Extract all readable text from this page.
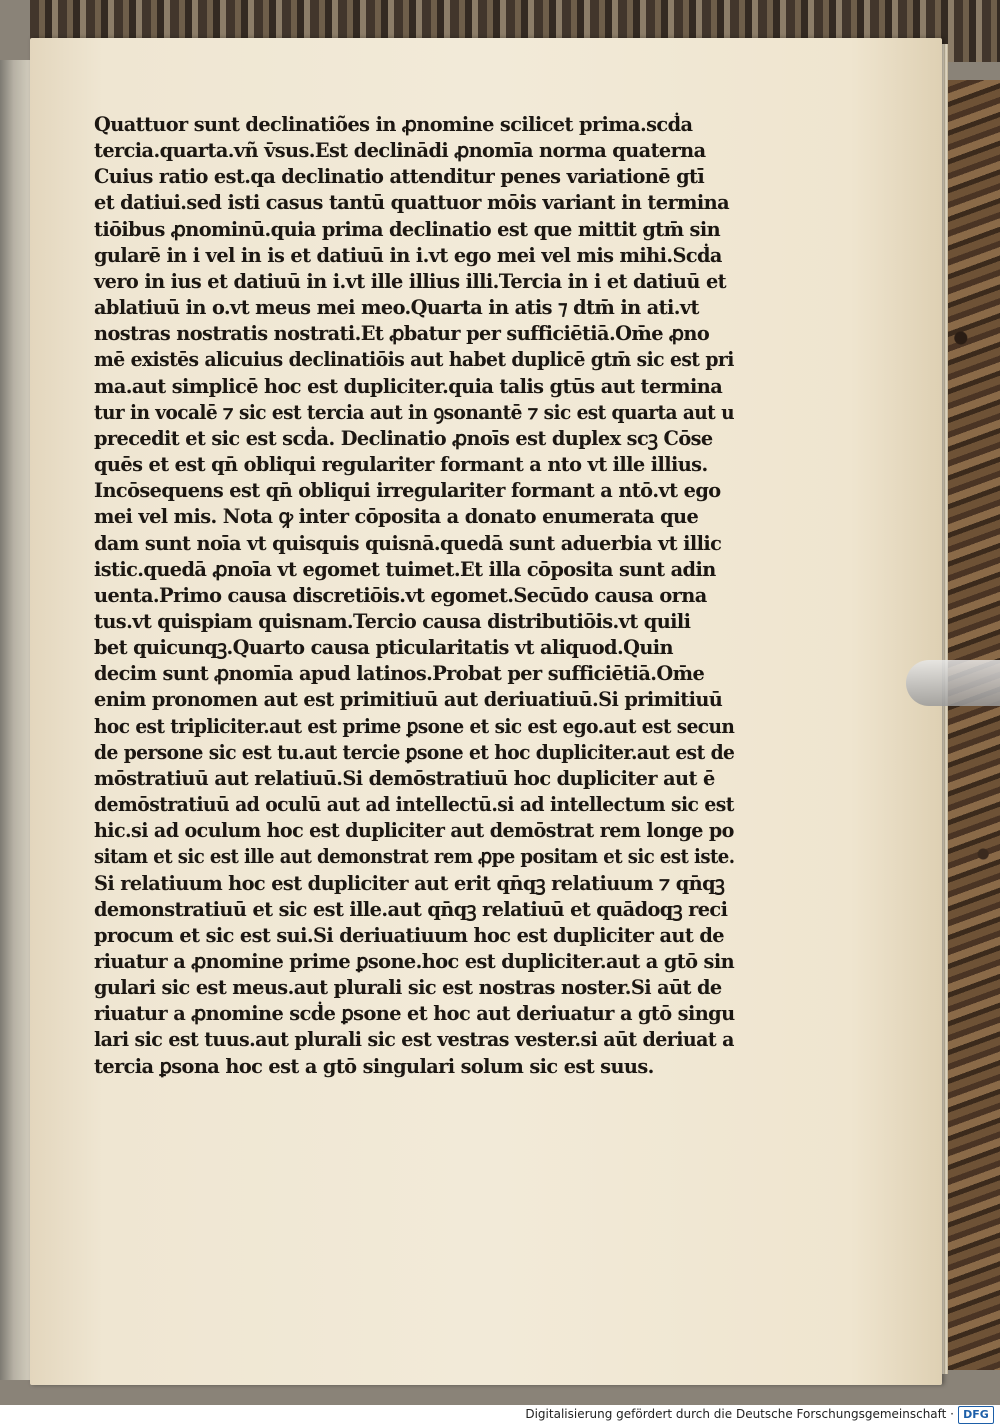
Quattuor sunt declinatiões in ꝓnomine scilicet prima.scḋa
tercia.quarta.vñ v̄sus.Est declinādi ꝓnomīa norma quaterna
Cuius ratio est.qa declinatio attenditur penes variationē gtī
et datiui.sed isti casus tantū quattuor mōis variant in termina
tiōibus ꝓnominū.quia prima declinatio est que mittit gtm̄ sin
gularē in i vel in is et datiuū in i.vt ego mei vel mis mihi.Scḋa
vero in ius et datiuū in i.vt ille illius illi.Tercia in i et datiuū et
ablatiuū in o.vt meus mei meo.Quarta in atis ⁊ dtm̄ in ati.vt
nostras nostratis nostrati.Et ꝓbatur per sufficiētiā.Om̄e ꝓno
mē existēs alicuius declinatiōis aut habet duplicē gtm̄ sic est pri
ma.aut simplicē hoc est dupliciter.quia talis gtūs aut termina
tur in vocalē ⁊ sic est tercia aut in ꝯsonantē ⁊ sic est quarta aut u
precedit et sic est scḋa. Declinatio ꝓnoīs est duplex scꝫ Cōse
quēs et est qn̄ obliqui regulariter formant a nto vt ille illius.
Incōsequens est qn̄ obliqui irregulariter formant a ntō.vt ego
mei vel mis. Nota ꝙ inter cōposita a donato enumerata que
dam sunt noīa vt quisquis quisnā.quedā sunt aduerbia vt illic
istic.quedā ꝓnoīa vt egomet tuimet.Et illa cōposita sunt adin
uenta.Primo causa discretiōis.vt egomet.Secūdo causa orna
tus.vt quispiam quisnam.Tercio causa distributiōis.vt quili
bet quicunqꝫ.Quarto causa pticularitatis vt aliquod.Quin
decim sunt ꝓnomīa apud latinos.Probat per sufficiētiā.Om̄e
enim pronomen aut est primitiuū aut deriuatiuū.Si primitiuū
hoc est tripliciter.aut est prime ꝑsone et sic est ego.aut est secun
de persone sic est tu.aut tercie ꝑsone et hoc dupliciter.aut est de
mōstratiuū aut relatiuū.Si demōstratiuū hoc dupliciter aut ē
demōstratiuū ad oculū aut ad intellectū.si ad intellectum sic est
hic.si ad oculum hoc est dupliciter aut demōstrat rem longe po
sitam et sic est ille aut demonstrat rem ꝓpe positam et sic est iste.
Si relatiuum hoc est dupliciter aut erit qn̄qꝫ relatiuum ⁊ qn̄qꝫ
demonstratiuū et sic est ille.aut qn̄qꝫ relatiuū et quādoqꝫ reci
procum et sic est sui.Si deriuatiuum hoc est dupliciter aut de
riuatur a ꝓnomine prime ꝑsone.hoc est dupliciter.aut a gtō sin
gulari sic est meus.aut plurali sic est nostras noster.Si aūt de
riuatur a ꝓnomine scḋe ꝑsone et hoc aut deriuatur a gtō singu
lari sic est tuus.aut plurali sic est vestras vester.si aūt deriuat a
tercia ꝑsona hoc est a gtō singulari solum sic est suus.
Digitalisierung gefördert durch die Deutsche Forschungsgemeinschaft · DFG
